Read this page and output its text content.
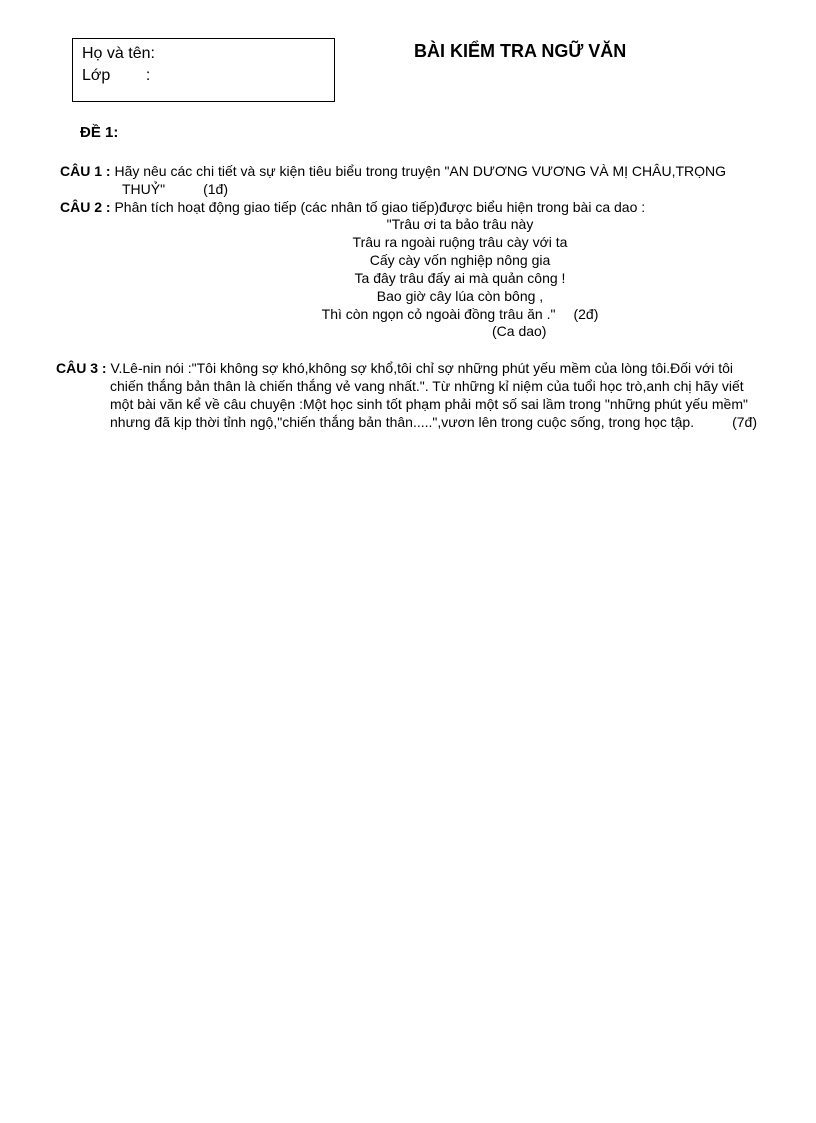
Họ và tên:
Lớp        :
BÀI KIỂM TRA NGỮ VĂN
ĐỀ 1:
CÂU 1 : Hãy nêu các chi tiết và sự kiện tiêu biểu trong truyện "AN DƯƠNG VƯƠNG VÀ MỊ CHÂU,TRỌNG
THUỶ"	(1đ)
CÂU 2 : Phân tích hoạt động giao tiếp (các nhân tố giao tiếp)được biểu hiện trong bài ca dao :
"Trâu ơi ta bảo trâu này
Trâu ra ngoài ruộng trâu cày với ta
Cấy cày vốn nghiệp nông gia
Ta đây trâu đấy ai mà quản công !
Bao giờ cây lúa còn bông ,
Thì còn ngọn cỏ ngoài đồng trâu ăn ." (2đ)
(Ca dao)
CÂU 3 : V.Lê-nin nói :"Tôi không sợ khó,không sợ khổ,tôi chỉ sợ những phút yếu mềm của lòng tôi.Đối với tôi
chiến thắng bản thân là chiến thắng vẻ vang nhất.". Từ những kỉ niệm của tuổi học trò,anh chị hãy viết
một bài văn kể về câu chuyện :Một học sinh tốt phạm phải một số sai lầm trong "những phút yếu mềm"
nhưng đã kịp thời tỉnh ngộ,"chiến thắng bản thân.....",vươn lên trong cuộc sống, trong học tập.	(7đ)
